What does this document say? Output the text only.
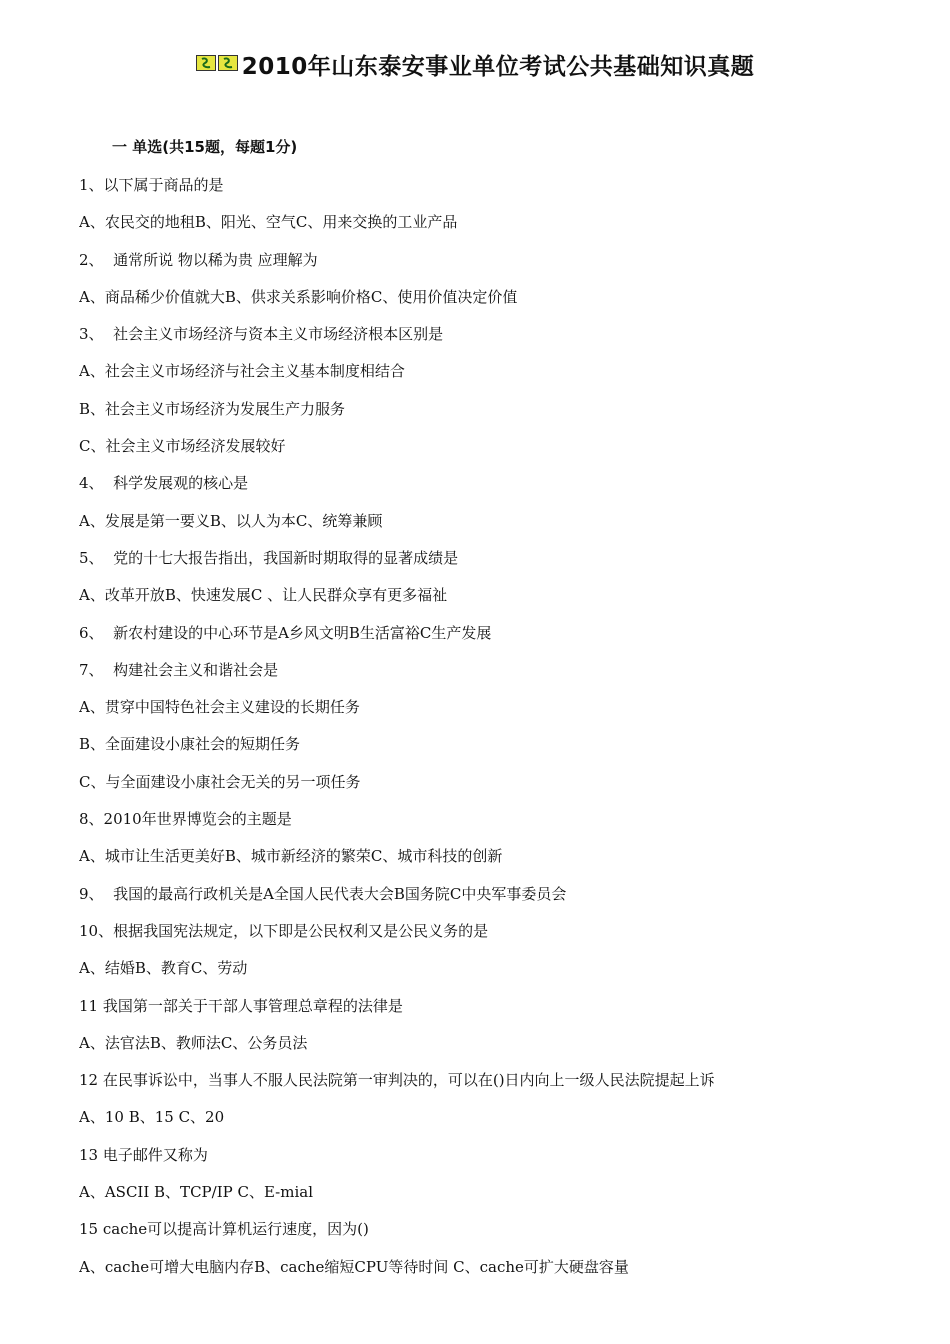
2010年山东泰安事业单位考试公共基础知识真题
一 单选(共15题，每题1分)
1、以下属于商品的是
A、农民交的地租B、阳光、空气C、用来交换的工业产品
2、  通常所说 物以稀为贵 应理解为
A、商品稀少价值就大B、供求关系影响价格C、使用价值决定价值
3、  社会主义市场经济与资本主义市场经济根本区别是
A、社会主义市场经济与社会主义基本制度相结合
B、社会主义市场经济为发展生产力服务
C、社会主义市场经济发展较好
4、  科学发展观的核心是
A、发展是第一要义B、以人为本C、统筹兼顾
5、  党的十七大报告指出，我国新时期取得的显著成绩是
A、改革开放B、快速发展C 、让人民群众享有更多福祉
6、  新农村建设的中心环节是A乡风文明B生活富裕C生产发展
7、  构建社会主义和谐社会是
A、贯穿中国特色社会主义建设的长期任务
B、全面建设小康社会的短期任务
C、与全面建设小康社会无关的另一项任务
8、2010年世界博览会的主题是
A、城市让生活更美好B、城市新经济的繁荣C、城市科技的创新
9、  我国的最高行政机关是A全国人民代表大会B国务院C中央军事委员会
10、根据我国宪法规定，以下即是公民权利又是公民义务的是
A、结婚B、教育C、劳动
11 我国第一部关于干部人事管理总章程的法律是
A、法官法B、教师法C、公务员法
12 在民事诉讼中，当事人不服人民法院第一审判决的，可以在()日内向上一级人民法院提起上诉
A、10 B、15 C、20
13 电子邮件又称为
A、ASCII B、TCP/IP C、E-mial
15 cache可以提高计算机运行速度，因为()
A、cache可增大电脑内存B、cache缩短CPU等待时间 C、cache可扩大硬盘容量
